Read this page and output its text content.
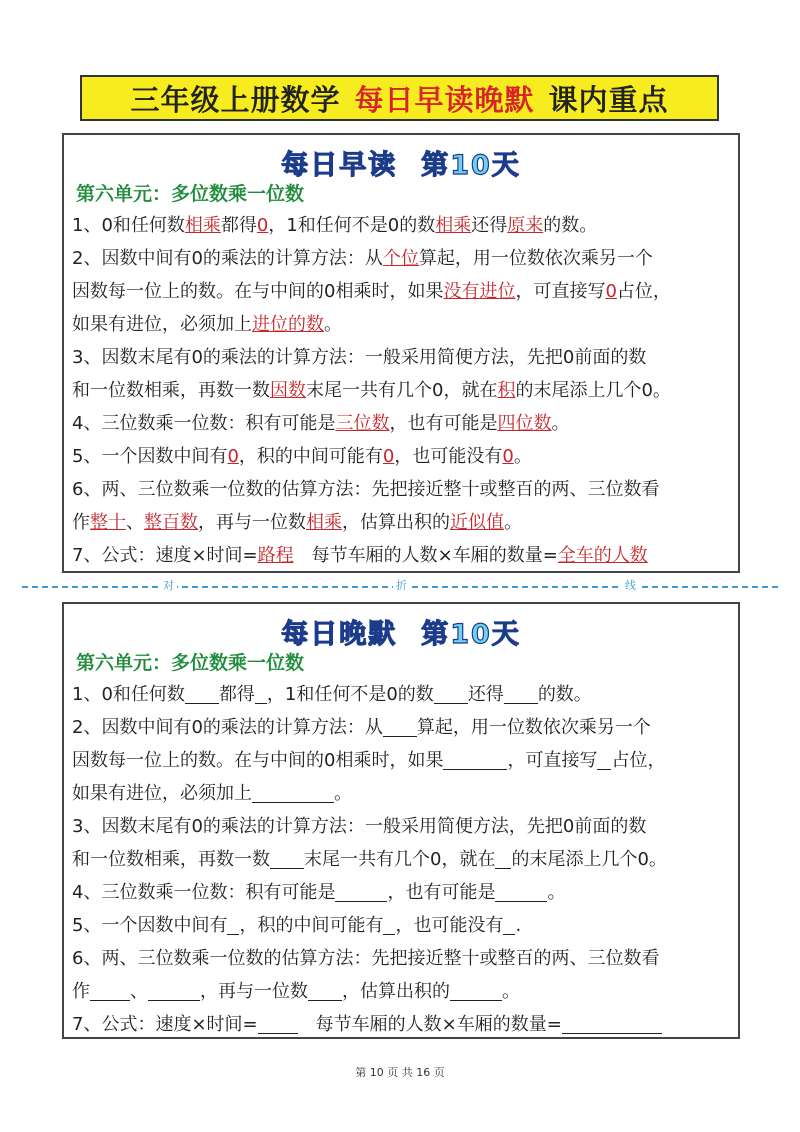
三年级上册数学 每日早读晚默 课内重点
每日早读 第10天
第六单元：多位数乘一位数
1、0和任何数相乘都得0，1和任何不是0的数相乘还得原来的数。
2、因数中间有0的乘法的计算方法：从个位算起，用一位数依次乘另一个
因数每一位上的数。在与中间的0相乘时，如果没有进位，可直接写0占位，
如果有进位，必须加上进位的数。
3、因数末尾有0的乘法的计算方法：一般采用简便方法，先把0前面的数
和一位数相乘，再数一数因数末尾一共有几个0，就在积的末尾添上几个0。
4、三位数乘一位数：积有可能是三位数，也有可能是四位数。
5、一个因数中间有0，积的中间可能有0，也可能没有0。
6、两、三位数乘一位数的估算方法：先把接近整十或整百的两、三位数看
作整十、整百数，再与一位数相乘，估算出积的近似值。
7、公式：速度×时间=路程 每节车厢的人数×车厢的数量=全车的人数
对	折	线
每日晚默 第10天
第六单元：多位数乘一位数
1、0和任何数 都得 ，1和任何不是0的数 还得 的数。
2、因数中间有0的乘法的计算方法：从 算起，用一位数依次乘另一个
因数每一位上的数。在与中间的0相乘时，如果	，可直接写 占位，
如果有进位，必须加上	。
3、因数末尾有0的乘法的计算方法：一般采用简便方法，先把0前面的数
和一位数相乘，再数一数 末尾一共有几个0，就在 的末尾添上几个0。
4、三位数乘一位数：积有可能是	，也有可能是	。
5、一个因数中间有 ，积的中间可能有 ，也可能没有 .
6、两、三位数乘一位数的估算方法：先把接近整十或整百的两、三位数看
作 、	，再与一位数 ，估算出积的	。
7、公式：速度×时间=	每节车厢的人数×车厢的数量=
第 10 页 共 16 页
